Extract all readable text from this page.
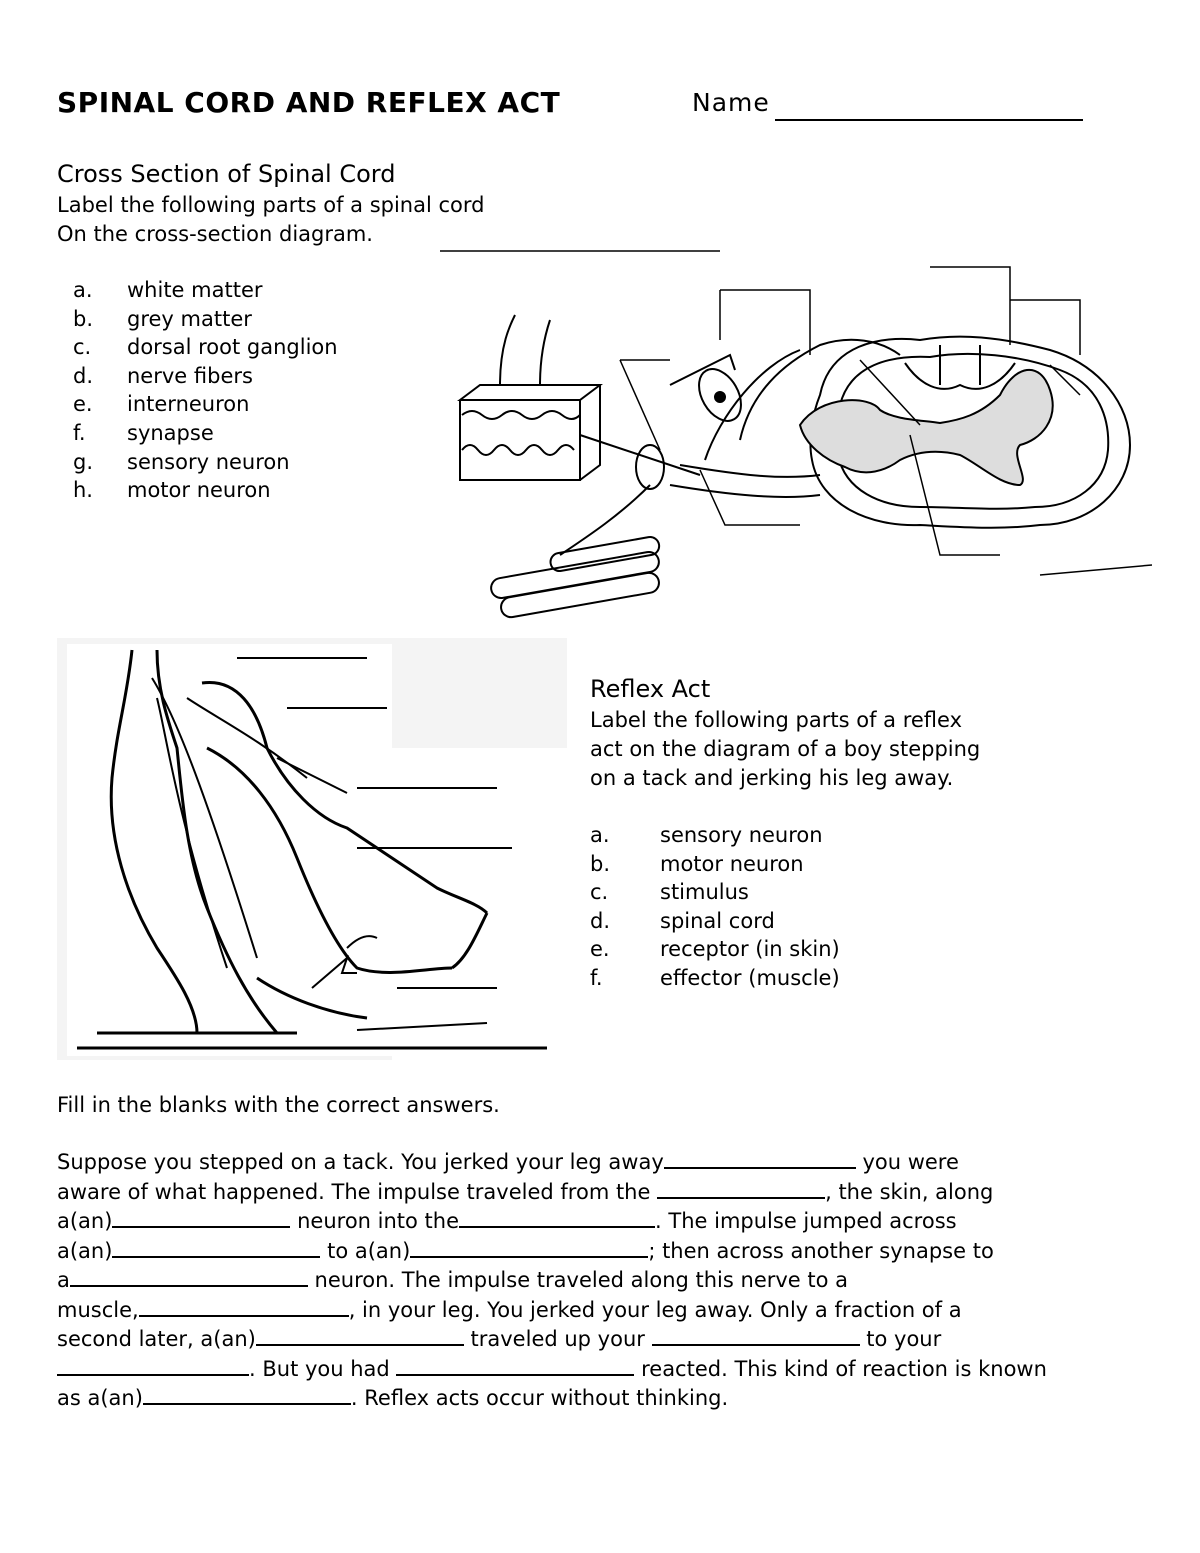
SPINAL CORD AND REFLEX ACT	Name
Cross Section of Spinal Cord
Label the following parts of a spinal cord
On the cross-section diagram.
a. white matter
b. grey matter
c. dorsal root ganglion
d. nerve fibers
e. interneuron
f. synapse
g. sensory neuron
h. motor neuron
Reflex Act
Label the following parts of a reflex
act on the diagram of a boy stepping
on a tack and jerking his leg away.
a. sensory neuron
b. motor neuron
c. stimulus
d. spinal cord
e. receptor (in skin)
f.	effector (muscle)
Fill in the blanks with the correct answers.

Suppose you stepped on a tack. You jerked your leg away	you were

aware of what happened. The impulse traveled from the	, the skin, along

a(an)	neuron into the	. The impulse jumped across

a(an)	to a(an)	; then across another synapse to

a	neuron. The impulse traveled along this nerve to a

muscle,	, in your leg. You jerked your leg away. Only a fraction of a

second later, a(an)	traveled up your	to your

. But you had	reacted. This kind of reaction is known

as a(an)	. Reflex acts occur without thinking.
